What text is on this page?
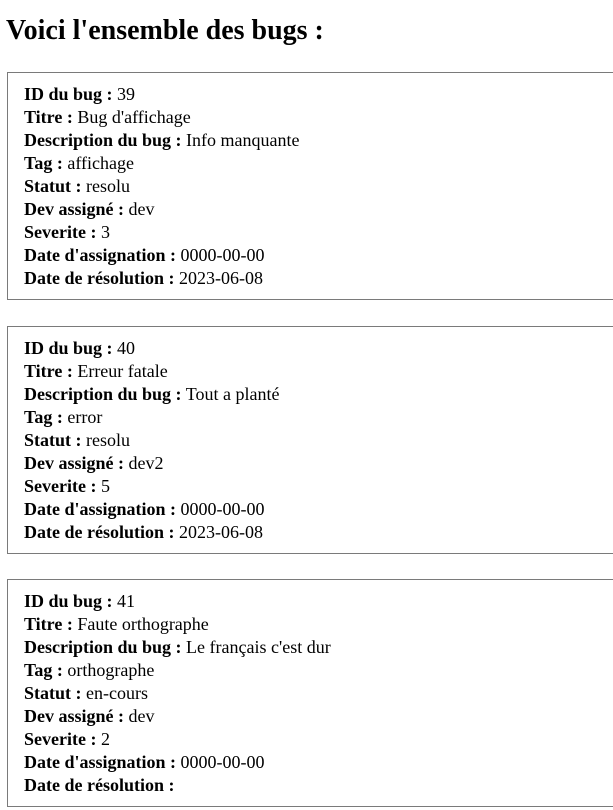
Voici l'ensemble des bugs :
ID du bug : 39
Titre : Bug d'affichage
Description du bug : Info manquante
Tag : affichage
Statut : resolu
Dev assigné : dev
Severite : 3
Date d'assignation : 0000-00-00
Date de résolution : 2023-06-08
ID du bug : 40
Titre : Erreur fatale
Description du bug : Tout a planté
Tag : error
Statut : resolu
Dev assigné : dev2
Severite : 5
Date d'assignation : 0000-00-00
Date de résolution : 2023-06-08
ID du bug : 41
Titre : Faute orthographe
Description du bug : Le français c'est dur
Tag : orthographe
Statut : en-cours
Dev assigné : dev
Severite : 2
Date d'assignation : 0000-00-00
Date de résolution :
